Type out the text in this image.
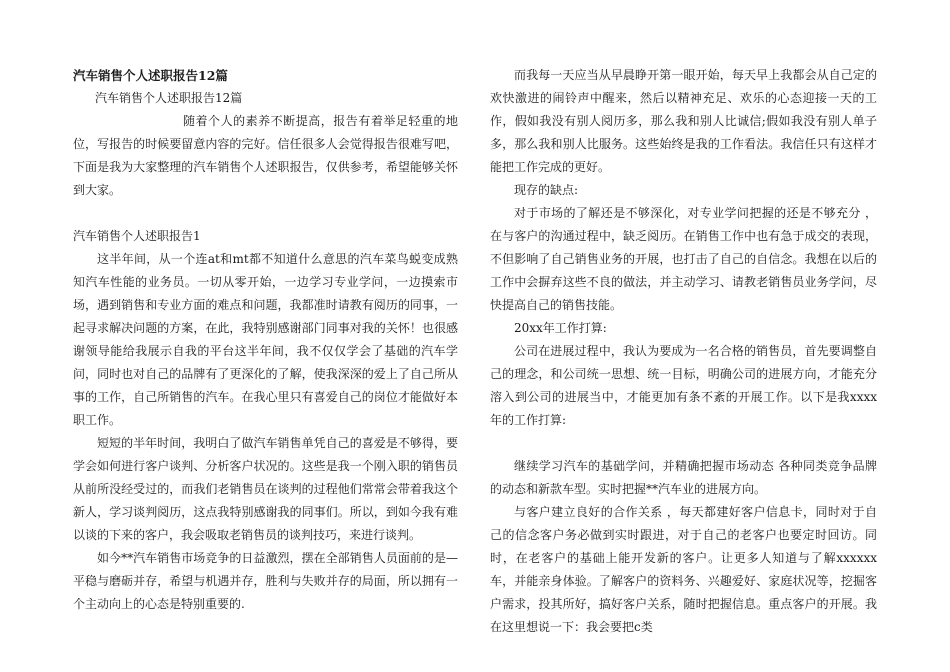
汽车销售个人述职报告12篇

汽车销售个人述职报告12篇

随着个人的素养不断提高，报告有着举足轻重的地位，写报告的时候要留意内容的完好。信任很多人会觉得报告很难写吧，下面是我为大家整理的汽车销售个人述职报告，仅供参考，希望能够关怀到大家。

汽车销售个人述职报告1

这半年间，从一个连at和mt都不知道什么意思的汽车菜鸟蜕变成熟知汽车性能的业务员。一切从零开始，一边学习专业学问，一边摸索市场，遇到销售和专业方面的难点和问题，我都准时请教有阅历的同事，一起寻求解决问题的方案，在此，我特别感谢部门同事对我的关怀！也很感谢领导能给我展示自我的平台这半年间，我不仅仅学会了基础的汽车学问，同时也对自己的品牌有了更深化的了解，使我深深的爱上了自己所从事的工作，自己所销售的汽车。在我心里只有喜爱自己的岗位才能做好本职工作。

短短的半年时间，我明白了做汽车销售单凭自己的喜爱是不够得，要学会如何进行客户谈判、分析客户状况的。这些是我一个刚入职的销售员从前所没经受过的，而我们老销售员在谈判的过程他们常常会带着我这个新人，学习谈判阅历，这点我特别感谢我的同事们。所以，到如今我有难以谈的下来的客户，我会吸取老销售员的谈判技巧，来进行谈判。

如今**汽车销售市场竞争的日益激烈，摆在全部销售人员面前的是—平稳与磨砺并存，希望与机遇并存，胜利与失败并存的局面，所以拥有一个主动向上的心态是特别重要的.

而我每一天应当从早晨睁开第一眼开始，每天早上我都会从自己定的欢快激进的闹铃声中醒来，然后以精神充足、欢乐的心态迎接一天的工作，假如我没有别人阅历多，那么我和别人比诚信;假如我没有别人单子多，那么我和别人比服务。这些始终是我的工作看法。我信任只有这样才能把工作完成的更好。

现存的缺点:

对于市场的了解还是不够深化，对专业学问把握的还是不够充分 ，在与客户的沟通过程中，缺乏阅历。在销售工作中也有急于成交的表现，不但影响了自己销售业务的开展，也打击了自己的自信念。我想在以后的工作中会摒弃这些不良的做法，并主动学习、请教老销售员业务学问，尽快提高自己的销售技能。

20xx年工作打算:

公司在进展过程中，我认为要成为一名合格的销售员，首先要调整自己的理念，和公司统一思想、统一目标，明确公司的进展方向，才能充分溶入到公司的进展当中，才能更加有条不紊的开展工作。以下是我xxxx年的工作打算:

继续学习汽车的基础学问，并精确把握市场动态 各种同类竞争品牌的动态和新款车型。实时把握**汽车业的进展方向。

与客户建立良好的合作关系 ，每天都建好客户信息卡，同时对于自己的信念客户务必做到实时跟进，对于自己的老客户也要定时回访。同时，在老客户的基础上能开发新的客户。让更多人知道与了解xxxxxx车，并能亲身体验。了解客户的资料务、兴趣爱好、家庭状况等，挖掘客户需求，投其所好，搞好客户关系，随时把握信息。重点客户的开展。我在这里想说一下：我会要把c类
